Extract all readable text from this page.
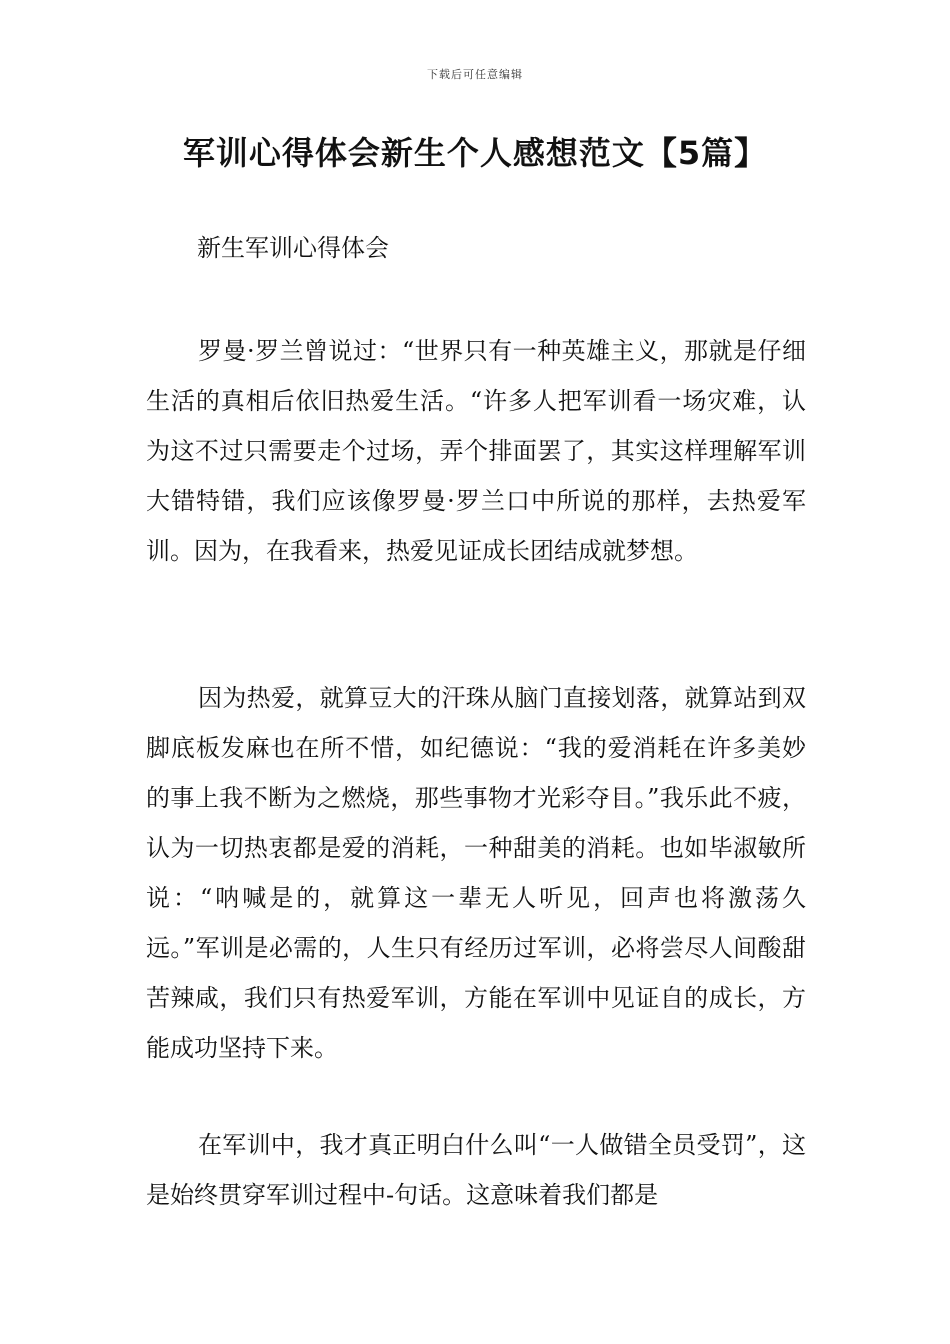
下载后可任意编辑
军训心得体会新生个人感想范文【5篇】
新生军训心得体会

罗曼·罗兰曾说过：“世界只有一种英雄主义，那就是仔细生活的真相后依旧热爱生活。“许多人把军训看一场灾难，认为这不过只需要走个过场，弄个排面罢了，其实这样理解军训大错特错，我们应该像罗曼·罗兰口中所说的那样，去热爱军训。因为，在我看来，热爱见证成长团结成就梦想。

因为热爱，就算豆大的汗珠从脑门直接划落，就算站到双脚底板发麻也在所不惜，如纪德说：“我的爱消耗在许多美妙的事上我不断为之燃烧，那些事物才光彩夺目。”我乐此不疲，认为一切热衷都是爱的消耗，一种甜美的消耗。也如毕淑敏所说：“呐喊是的，就算这一辈无人听见，回声也将激荡久远。”军训是必需的，人生只有经历过军训，必将尝尽人间酸甜苦辣咸，我们只有热爱军训，方能在军训中见证自的成长，方能成功坚持下来。

在军训中，我才真正明白什么叫“一人做错全员受罚”，这是始终贯穿军训过程中-句话。这意味着我们都是
